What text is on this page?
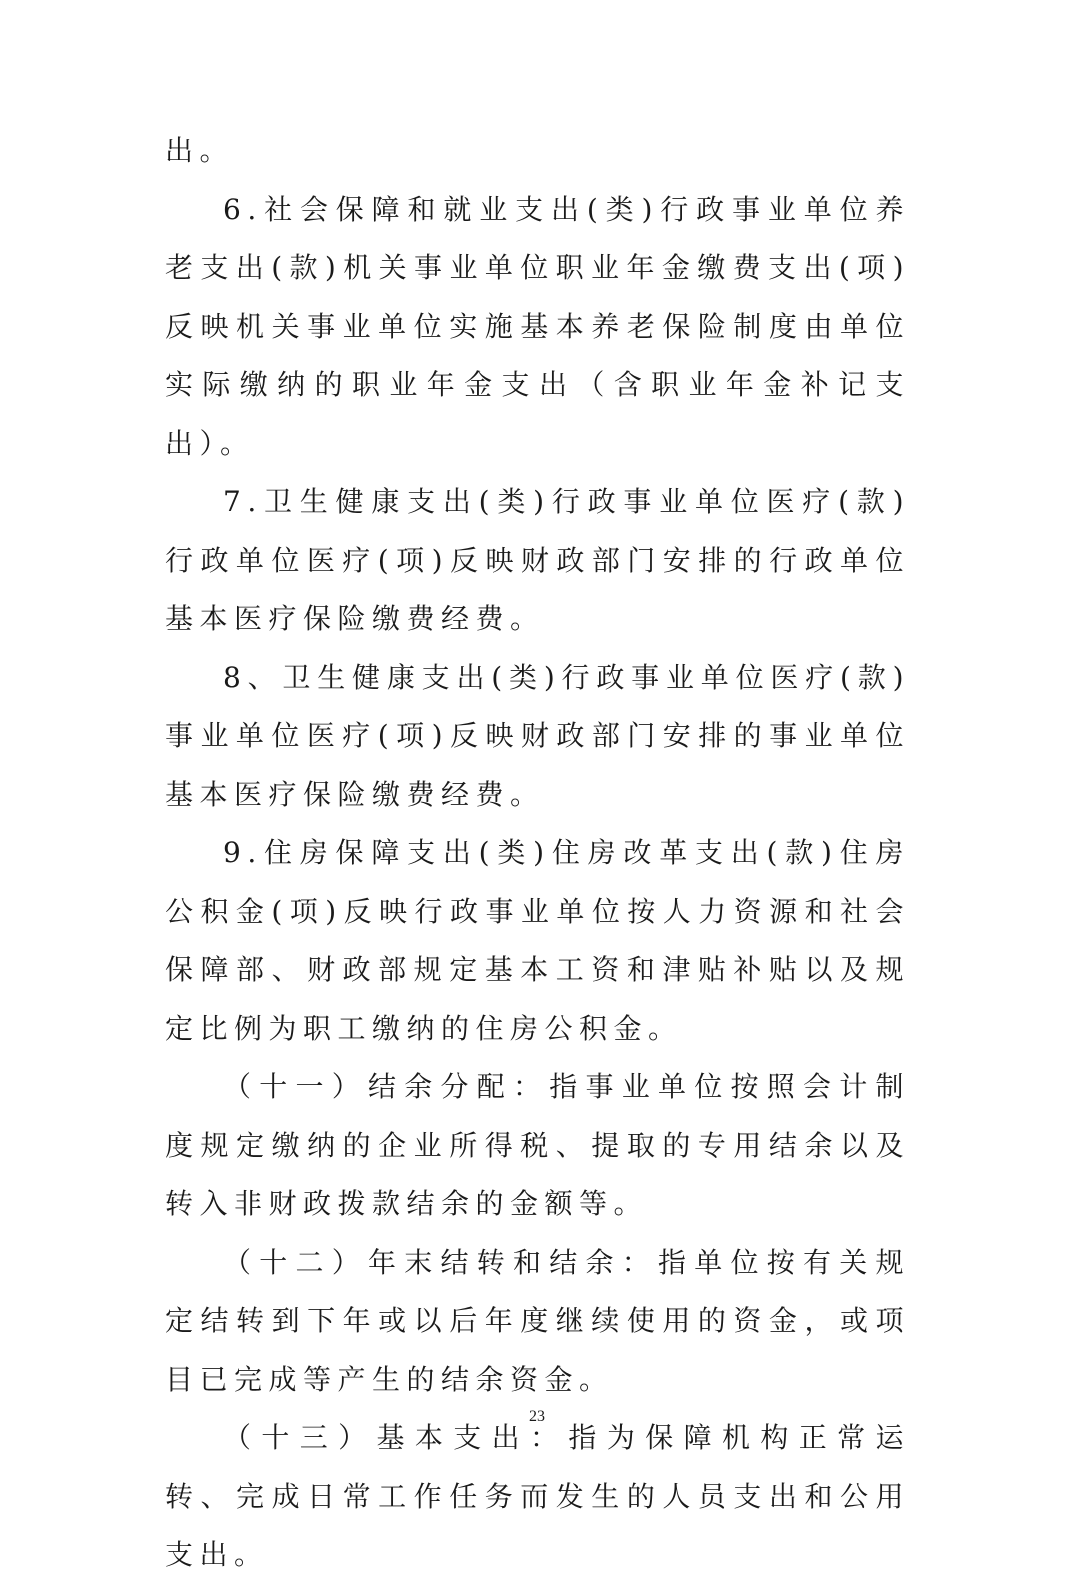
出。

6.社会保障和就业支出(类)行政事业单位养老支出(款)机关事业单位职业年金缴费支出(项)反映机关事业单位实施基本养老保险制度由单位实际缴纳的职业年金支出（含职业年金补记支出）。

7.卫生健康支出(类)行政事业单位医疗(款)行政单位医疗(项)反映财政部门安排的行政单位基本医疗保险缴费经费。

8、卫生健康支出(类)行政事业单位医疗(款)事业单位医疗(项)反映财政部门安排的事业单位基本医疗保险缴费经费。

9.住房保障支出(类)住房改革支出(款)住房公积金(项)反映行政事业单位按人力资源和社会保障部、财政部规定基本工资和津贴补贴以及规定比例为职工缴纳的住房公积金。

（十一）结余分配：指事业单位按照会计制度规定缴纳的企业所得税、提取的专用结余以及转入非财政拨款结余的金额等。

（十二）年末结转和结余：指单位按有关规定结转到下年或以后年度继续使用的资金，或项目已完成等产生的结余资金。

（十三）基本支出：指为保障机构正常运转、完成日常工作任务而发生的人员支出和公用支出。

23
